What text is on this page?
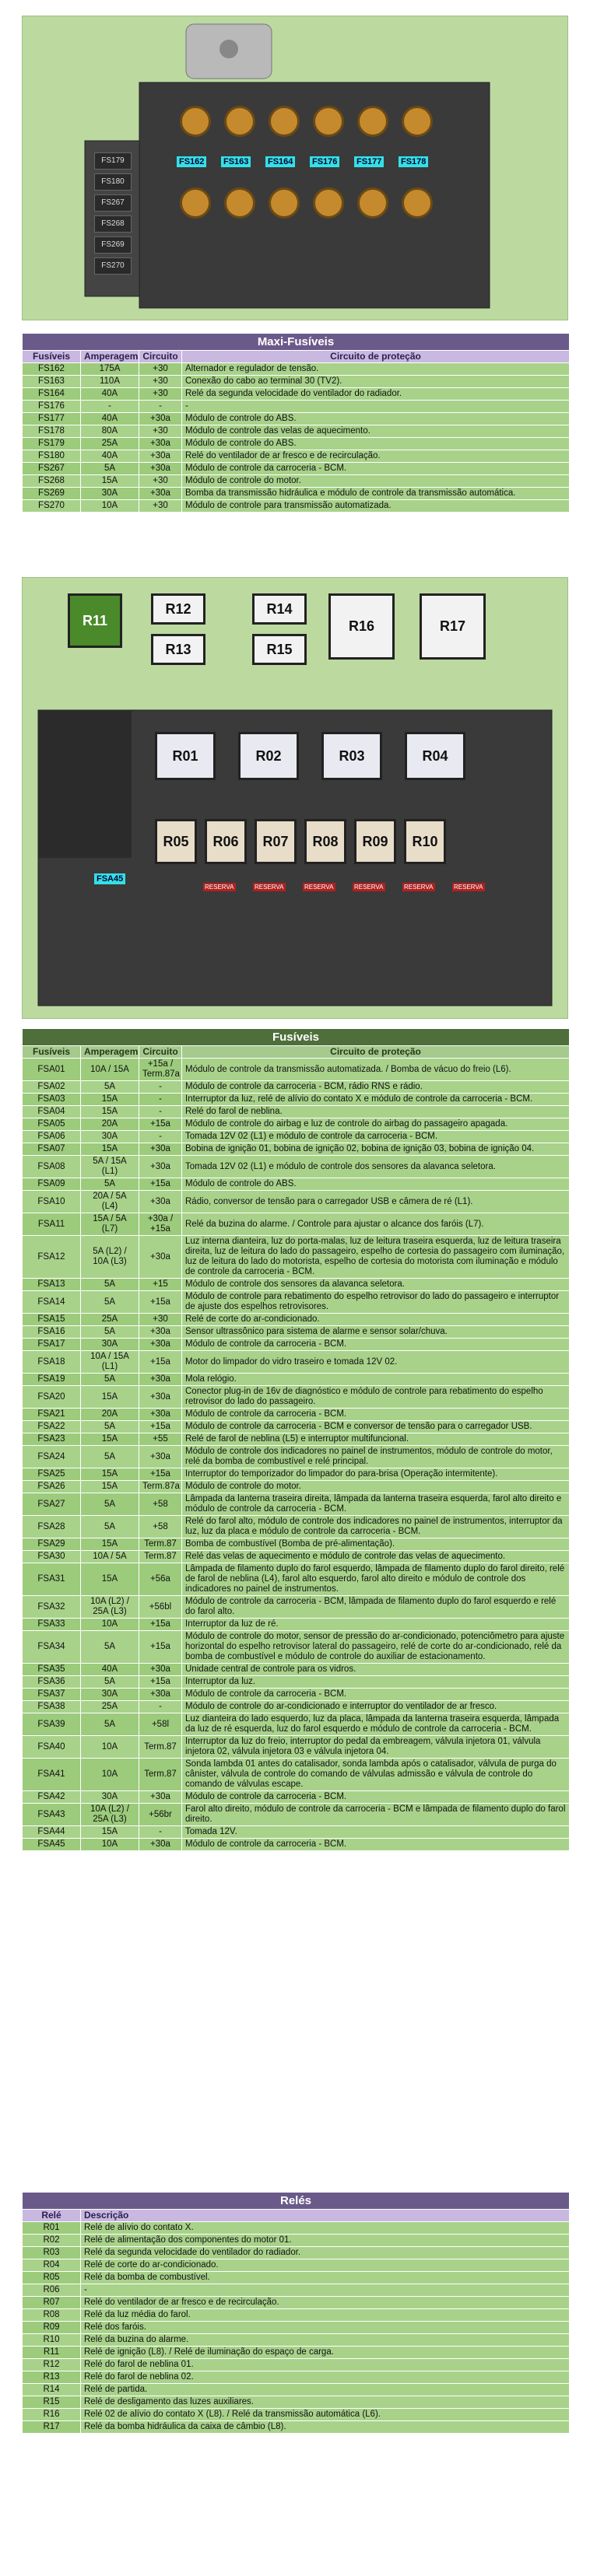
FS179
FS180
FS267
FS268
FS269
FS270
FS162 FS163 FS164 FS176 FS177 FS178
Maxi-Fusíveis			
Fusíveis	Amperagem	Circuito	Circuito de proteção
FS162	175A	+30	Alternador e regulador de tensão.
FS163	110A	+30	Conexão do cabo ao terminal 30 (TV2).
FS164	40A	+30	Relé da segunda velocidade do ventilador do radiador.
FS176	-	-	-
FS177	40A	+30a	Módulo de controle do ABS.
FS178	80A	+30	Módulo de controle das velas de aquecimento.
FS179	25A	+30a	Módulo de controle do ABS.
FS180	40A	+30a	Relé do ventilador de ar fresco e de recirculação.
FS267	5A	+30a	Módulo de controle da carroceria - BCM.
FS268	15A	+30	Módulo de controle do motor.
FS269	30A	+30a	Bomba da transmissão hidráulica e módulo de controle da transmissão automática.
FS270	10A	+30	Módulo de controle para transmissão automatizada.
R11
R12
R13
R14
R15
R16	R17
R01	R02	R03	R04
R05	R06	R07	R08	R09	R10
FSA45
RESERVA	RESERVA	RESERVA	RESERVA	RESERVA	RESERVA
Fusíveis			
Fusíveis	Amperagem	Circuito	Circuito de proteção
FSA01	10A / 15A	+15a / Term.87a	Módulo de controle da transmissão automatizada. / Bomba de vácuo do freio (L6).
FSA02	5A	-	Módulo de controle da carroceria - BCM, rádio RNS e rádio.
FSA03	15A	-	Interruptor da luz, relé de alívio do contato X e módulo de controle da carroceria - BCM.
FSA04	15A	-	Relé do farol de neblina.
FSA05	20A	+15a	Módulo de controle do airbag e luz de controle do airbag do passageiro apagada.
FSA06	30A	-	Tomada 12V 02 (L1) e módulo de controle da carroceria - BCM.
FSA07	15A	+30a	Bobina de ignição 01, bobina de ignição 02, bobina de ignição 03, bobina de ignição 04.
FSA08	5A / 15A (L1)	+30a	Tomada 12V 02 (L1) e módulo de controle dos sensores da alavanca seletora.
FSA09	5A	+15a	Módulo de controle do ABS.
FSA10	20A / 5A (L4)	+30a	Rádio, conversor de tensão para o carregador USB e câmera de ré (L1).
FSA11	15A / 5A (L7)	+30a / +15a	Relé da buzina do alarme. / Controle para ajustar o alcance dos faróis (L7).
FSA12	5A (L2) / 10A (L3)	+30a	Luz interna dianteira, luz do porta-malas, luz de leitura traseira esquerda, luz de leitura traseira direita, luz de leitura do lado do passageiro, espelho de cortesia do passageiro com iluminação, luz de leitura do lado do motorista, espelho de cortesia do motorista com iluminação e módulo de controle da carroceria - BCM.
FSA13	5A	+15	Módulo de controle dos sensores da alavanca seletora.
FSA14	5A	+15a	Módulo de controle para rebatimento do espelho retrovisor do lado do passageiro e interruptor de ajuste dos espelhos retrovisores.
FSA15	25A	+30	Relé de corte do ar-condicionado.
FSA16	5A	+30a	Sensor ultrassônico para sistema de alarme e sensor solar/chuva.
FSA17	30A	+30a	Módulo de controle da carroceria - BCM.
FSA18	10A / 15A (L1)	+15a	Motor do limpador do vidro traseiro e tomada 12V 02.
FSA19	5A	+30a	Mola relógio.
FSA20	15A	+30a	Conector plug-in de 16v de diagnóstico e módulo de controle para rebatimento do espelho retrovisor do lado do passageiro.
FSA21	20A	+30a	Módulo de controle da carroceria - BCM.
FSA22	5A	+15a	Módulo de controle da carroceria - BCM e conversor de tensão para o carregador USB.
FSA23	15A	+55	Relé de farol de neblina (L5) e interruptor multifuncional.
FSA24	5A	+30a	Módulo de controle dos indicadores no painel de instrumentos, módulo de controle do motor, relé da bomba de combustível e relé principal.
FSA25	15A	+15a	Interruptor do temporizador do limpador do para-brisa (Operação intermitente).
FSA26	15A	Term.87a	Módulo de controle do motor.
FSA27	5A	+58	Lâmpada da lanterna traseira direita, lâmpada da lanterna traseira esquerda, farol alto direito e módulo de controle da carroceria - BCM.
FSA28	5A	+58	Relé do farol alto, módulo de controle dos indicadores no painel de instrumentos, interruptor da luz, luz da placa e módulo de controle da carroceria - BCM.
FSA29	15A	Term.87	Bomba de combustível (Bomba de pré-alimentação).
FSA30	10A / 5A	Term.87	Relé das velas de aquecimento e módulo de controle das velas de aquecimento.
FSA31	15A	+56a	Lâmpada de filamento duplo do farol esquerdo, lâmpada de filamento duplo do farol direito, relé de farol de neblina (L4), farol alto esquerdo, farol alto direito e módulo de controle dos indicadores no painel de instrumentos.
FSA32	10A (L2) / 25A (L3)	+56bl	Módulo de controle da carroceria - BCM, lâmpada de filamento duplo do farol esquerdo e relé do farol alto.
FSA33	10A	+15a	Interruptor da luz de ré.
FSA34	5A	+15a	Módulo de controle do motor, sensor de pressão do ar-condicionado, potenciômetro para ajuste horizontal do espelho retrovisor lateral do passageiro, relé de corte do ar-condicionado, relé da bomba de combustível e módulo de controle do auxiliar de estacionamento.
FSA35	40A	+30a	Unidade central de controle para os vidros.
FSA36	5A	+15a	Interruptor da luz.
FSA37	30A	+30a	Módulo de controle da carroceria - BCM.
FSA38	25A	-	Módulo de controle do ar-condicionado e interruptor do ventilador de ar fresco.
FSA39	5A	+58l	Luz dianteira do lado esquerdo, luz da placa, lâmpada da lanterna traseira esquerda, lâmpada da luz de ré esquerda, luz do farol esquerdo e módulo de controle da carroceria - BCM.
FSA40	10A	Term.87	Interruptor da luz do freio, interruptor do pedal da embreagem, válvula injetora 01, válvula injetora 02, válvula injetora 03 e válvula injetora 04.
FSA41	10A	Term.87	Sonda lambda 01 antes do catalisador, sonda lambda após o catalisador, válvula de purga do cânister, válvula de controle do comando de válvulas admissão e válvula de controle do comando de válvulas escape.
FSA42	30A	+30a	Módulo de controle da carroceria - BCM.
FSA43	10A (L2) / 25A (L3)	+56br	Farol alto direito, módulo de controle da carroceria - BCM e lâmpada de filamento duplo do farol direito.
FSA44	15A	-	Tomada 12V.
FSA45	10A	+30a	Módulo de controle da carroceria - BCM.
Relés	
Relé	Descrição
R01	Relé de alívio do contato X.
R02	Relé de alimentação dos componentes do motor 01.
R03	Relé da segunda velocidade do ventilador do radiador.
R04	Relé de corte do ar-condicionado.
R05	Relé da bomba de combustível.
R06	-
R07	Relé do ventilador de ar fresco e de recirculação.
R08	Relé da luz média do farol.
R09	Relé dos faróis.
R10	Relé da buzina do alarme.
R11	Relé de ignição (L8). / Relé de iluminação do espaço de carga.
R12	Relé do farol de neblina 01.
R13	Relé do farol de neblina 02.
R14	Relé de partida.
R15	Relé de desligamento das luzes auxiliares.
R16	Relé 02 de alívio do contato X (L8). / Relé da transmissão automática (L6).
R17	Relé da bomba hidráulica da caixa de câmbio (L8).
